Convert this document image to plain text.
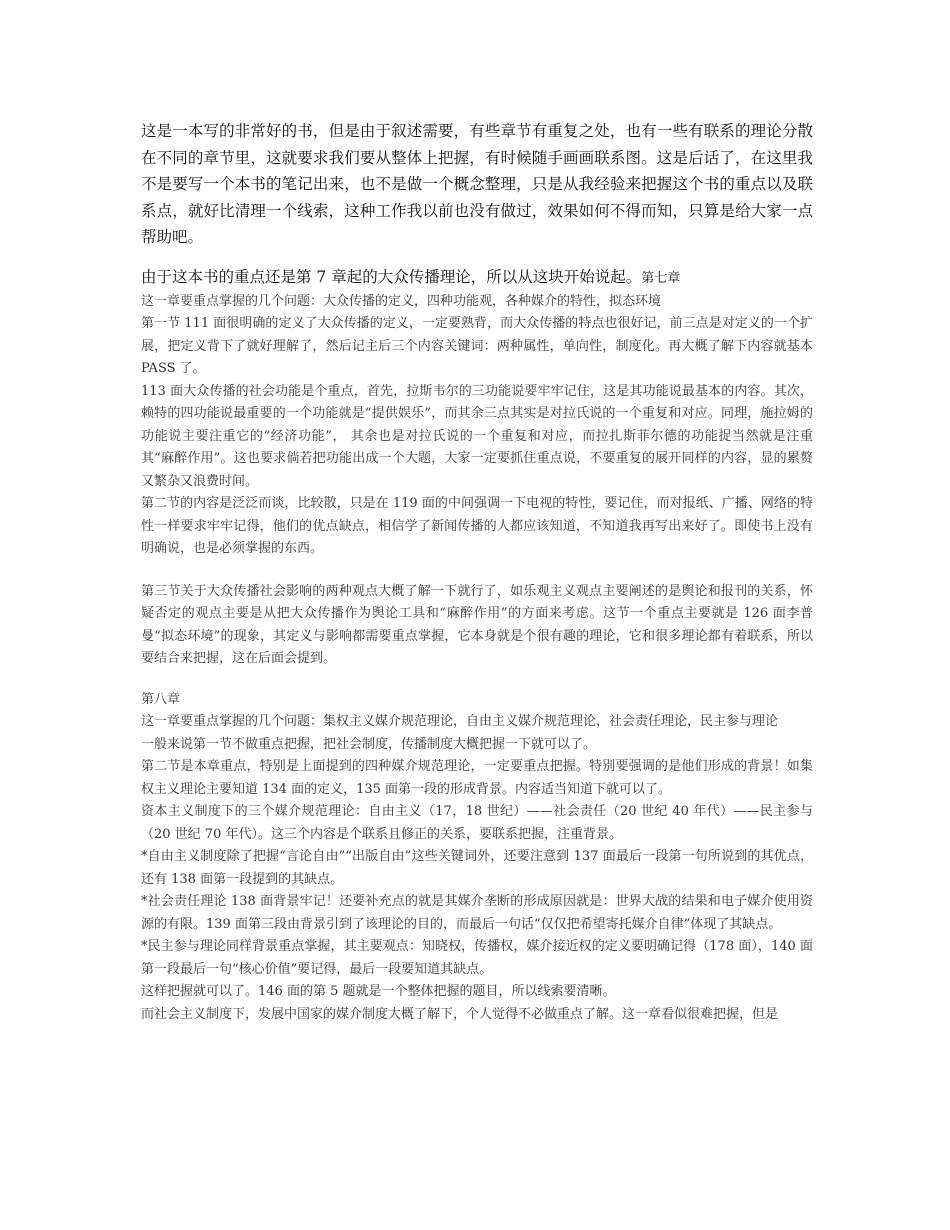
这是一本写的非常好的书，但是由于叙述需要，有些章节有重复之处，也有一些有联系的理论分散在不同的章节里，这就要求我们要从整体上把握，有时候随手画画联系图。这是后话了，在这里我不是要写一个本书的笔记出来，也不是做一个概念整理，只是从我经验来把握这个书的重点以及联系点，就好比清理一个线索，这种工作我以前也没有做过，效果如何不得而知，只算是给大家一点帮助吧。

由于这本书的重点还是第 7 章起的大众传播理论，所以从这块开始说起。第七章

这一章要重点掌握的几个问题：大众传播的定义，四种功能观，各种媒介的特性，拟态环境

第一节 111 面很明确的定义了大众传播的定义，一定要熟背，而大众传播的特点也很好记，前三点是对定义的一个扩展，把定义背下了就好理解了，然后记主后三个内容关键词：两种属性，单向性，制度化。再大概了解下内容就基本 PASS 了。

113 面大众传播的社会功能是个重点，首先，拉斯韦尔的三功能说要牢牢记住，这是其功能说最基本的内容。其次，赖特的四功能说最重要的一个功能就是“提供娱乐”，而其余三点其实是对拉氏说的一个重复和对应。同理，施拉姆的功能说主要注重它的“经济功能”， 其余也是对拉氏说的一个重复和对应，而拉扎斯菲尔德的功能捉当然就是注重其“麻醉作用”。这也要求倘若把功能出成一个大题，大家一定要抓住重点说，不要重复的展开同样的内容，显的累赘又繁杂又浪费时间。

第二节的内容是泛泛而谈，比较散，只是在 119 面的中间强调一下电视的特性，要记住，而对报纸、广播、网络的特性一样要求牢牢记得，他们的优点缺点，相信学了新闻传播的人都应该知道，不知道我再写出来好了。即使书上没有明确说，也是必须掌握的东西。

第三节关于大众传播社会影响的两种观点大概了解一下就行了，如乐观主义观点主要阐述的是舆论和报刊的关系，怀疑否定的观点主要是从把大众传播作为舆论工具和“麻醉作用”的方面来考虑。这节一个重点主要就是 126 面李普曼“拟态环境”的现象，其定义与影响都需要重点掌握，它本身就是个很有趣的理论，它和很多理论都有着联系，所以要结合来把握，这在后面会提到。

第八章

这一章要重点掌握的几个问题：集权主义媒介规范理论，自由主义媒介规范理论，社会责任理论，民主参与理论

一般来说第一节不做重点把握，把社会制度，传播制度大概把握一下就可以了。

第二节是本章重点，特别是上面提到的四种媒介规范理论，一定要重点把握。特别要强调的是他们形成的背景！如集权主义理论主要知道 134 面的定义，135 面第一段的形成背景。内容适当知道下就可以了。

资本主义制度下的三个媒介规范理论：自由主义（17，18 世纪）——社会责任（20 世纪 40 年代）——民主参与（20 世纪 70 年代）。这三个内容是个联系且修正的关系，要联系把握，注重背景。

*自由主义制度除了把握“言论自由”“出版自由”这些关键词外，还要注意到 137 面最后一段第一句所说到的其优点，还有 138 面第一段提到的其缺点。

*社会责任理论 138 面背景牢记！还要补充点的就是其媒介垄断的形成原因就是：世界大战的结果和电子媒介使用资源的有限。139 面第三段由背景引到了该理论的目的，而最后一句话“仅仅把希望寄托媒介自律”体现了其缺点。

*民主参与理论同样背景重点掌握，其主要观点：知晓权，传播权，媒介接近权的定义要明确记得（178 面），140 面第一段最后一句“核心价值”要记得，最后一段要知道其缺点。

这样把握就可以了。146 面的第 5 题就是一个整体把握的题目，所以线索要清晰。

而社会主义制度下，发展中国家的媒介制度大概了解下，个人觉得不必做重点了解。这一章看似很难把握，但是
